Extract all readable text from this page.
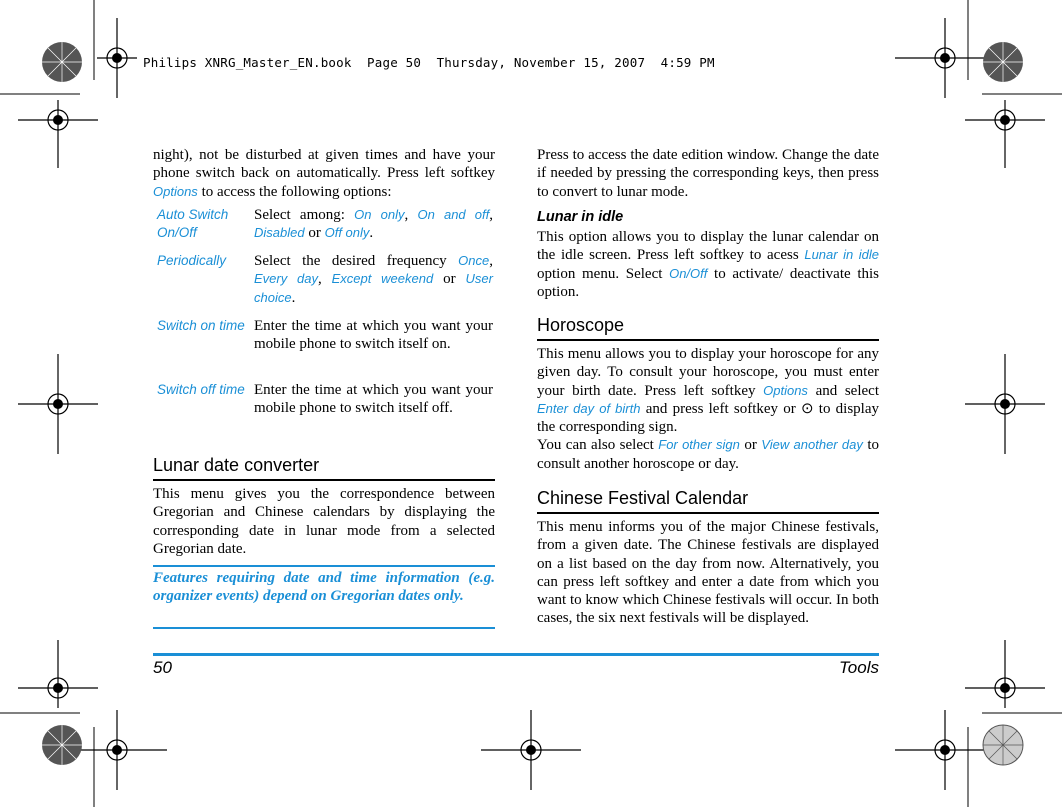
Philips XNRG_Master_EN.book  Page 50  Thursday, November 15, 2007  4:59 PM
night), not be disturbed at given times and have your phone switch back on automatically. Press left softkey Options to access the following options:
Auto Switch On/Off
Select among: On only, On and off, Disabled or Off only.
Periodically	Select the desired frequency Once, Every day, Except weekend or User choice.
Switch on time Enter the time at which you want your mobile phone to switch itself on.
Switch off time Enter the time at which you want your mobile phone to switch itself off.
Lunar date converter
This menu gives you the correspondence between Gregorian and Chinese calendars by displaying the corresponding date in lunar mode from a selected Gregorian date.
Features requiring date and time information (e.g. organizer events) depend on Gregorian dates only.
Press to access the date edition window. Change the date if needed by pressing the corresponding keys, then press to convert to lunar mode.
Lunar in idle
This option allows you to display the lunar calendar on the idle screen. Press left softkey to acess Lunar in idle option menu. Select On/Off to activate/ deactivate this option.
Horoscope
This menu allows you to display your horoscope for any given day. To consult your horoscope, you must enter your birth date. Press left softkey Options and select Enter day of birth and press left softkey or ⊙ to display the corresponding sign.
You can also select For other sign or View another day to consult another horoscope or day.
Chinese Festival Calendar
This menu informs you of the major Chinese festivals, from a given date. The Chinese festivals are displayed on a list based on the day from now. Alternatively, you can press left softkey and enter a date from which you want to know which Chinese festivals will occur. In both cases, the six next festivals will be displayed.
50	Tools
